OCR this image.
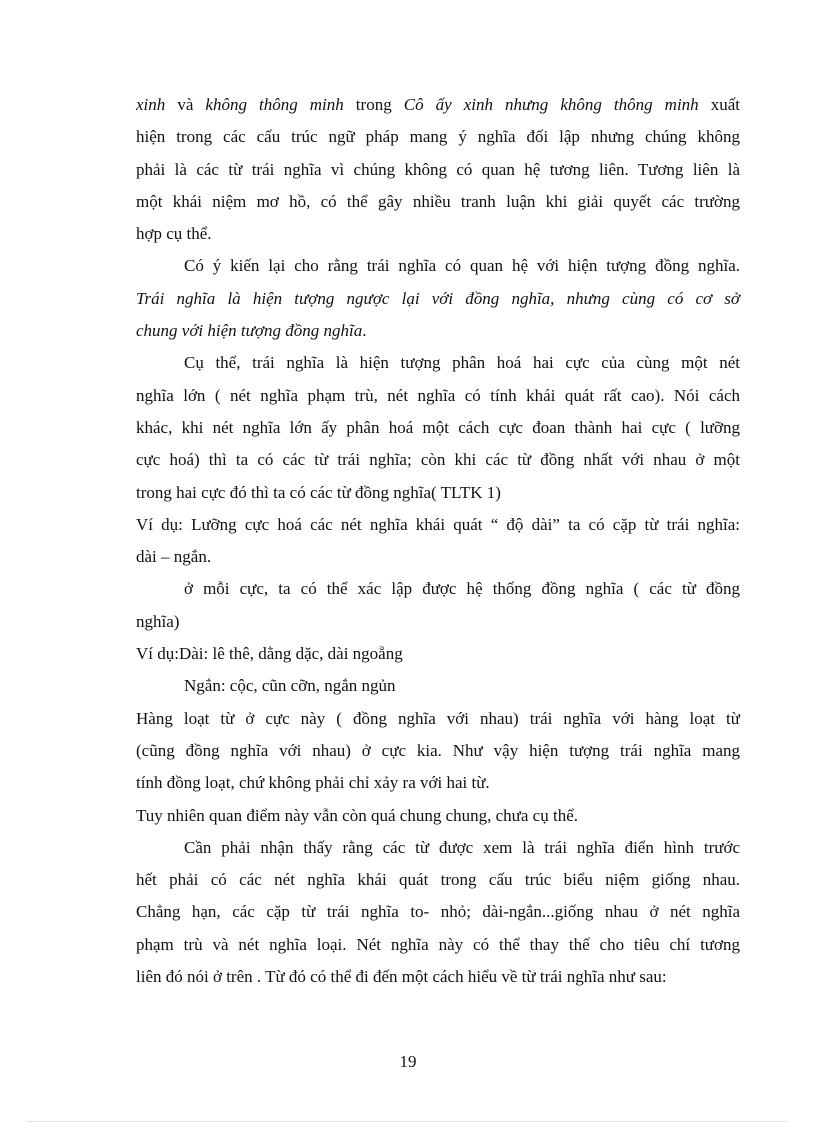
xinh và không thông minh trong Cô ấy xinh nhưng không thông minh xuất
hiện trong các cấu trúc ngữ pháp mang ý nghĩa đối lập nhưng chúng không
phải là các từ trái nghĩa vì chúng không có quan hệ tương liên. Tương liên là
một khái niệm mơ hồ, có thể gây nhiều tranh luận khi giải quyết các trường
hợp cụ thể.

Có ý kiến lại cho rằng trái nghĩa có quan hệ với hiện tượng đồng nghĩa.
Trái nghĩa là hiện tượng ngược lại với đồng nghĩa, nhưng cùng có cơ sở
chung với hiện tượng đồng nghĩa.

Cụ thể, trái nghĩa là hiện tượng phân hoá hai cực của cùng một nét
nghĩa lớn ( nét nghĩa phạm trù, nét nghĩa có tính khái quát rất cao). Nói cách
khác, khi nét nghĩa lớn ấy phân hoá một cách cực đoan thành hai cực ( lưỡng
cực hoá) thì ta có các từ trái nghĩa; còn khi các từ đồng nhất với nhau ở một
trong hai cực đó thì ta có các từ đồng nghĩa( TLTK 1)

Ví dụ: Lưỡng cực hoá các nét nghĩa khái quát “ độ dài” ta có cặp từ trái nghĩa:
dài – ngắn.

ở mỗi cực, ta có thể xác lập được hệ thống đồng nghĩa ( các từ đồng
nghĩa)

Ví dụ:Dài: lê thê, dằng dặc, dài ngoẵng

Ngắn: cộc, cũn cỡn, ngắn ngủn

Hàng loạt từ ở cực này ( đồng nghĩa với nhau) trái nghĩa với hàng loạt từ
(cũng đồng nghĩa với nhau) ở cực kia. Như vậy hiện tượng trái nghĩa mang
tính đồng loạt, chứ không phải chỉ xảy ra với hai từ.

Tuy nhiên quan điểm này vẫn còn quá chung chung, chưa cụ thể.

Cần phải nhận thấy rằng các từ được xem là trái nghĩa điển hình trước
hết phải có các nét nghĩa khái quát trong cấu trúc biểu niệm giống nhau.
Chẳng hạn, các cặp từ trái nghĩa to- nhỏ; dài-ngắn...giống nhau ở nét nghĩa
phạm trù và nét nghĩa loại. Nét nghĩa này có thể thay thế cho tiêu chí tương
liên đó nói ở trên . Từ đó có thể đi đến một cách hiểu về từ trái nghĩa như sau:

19
